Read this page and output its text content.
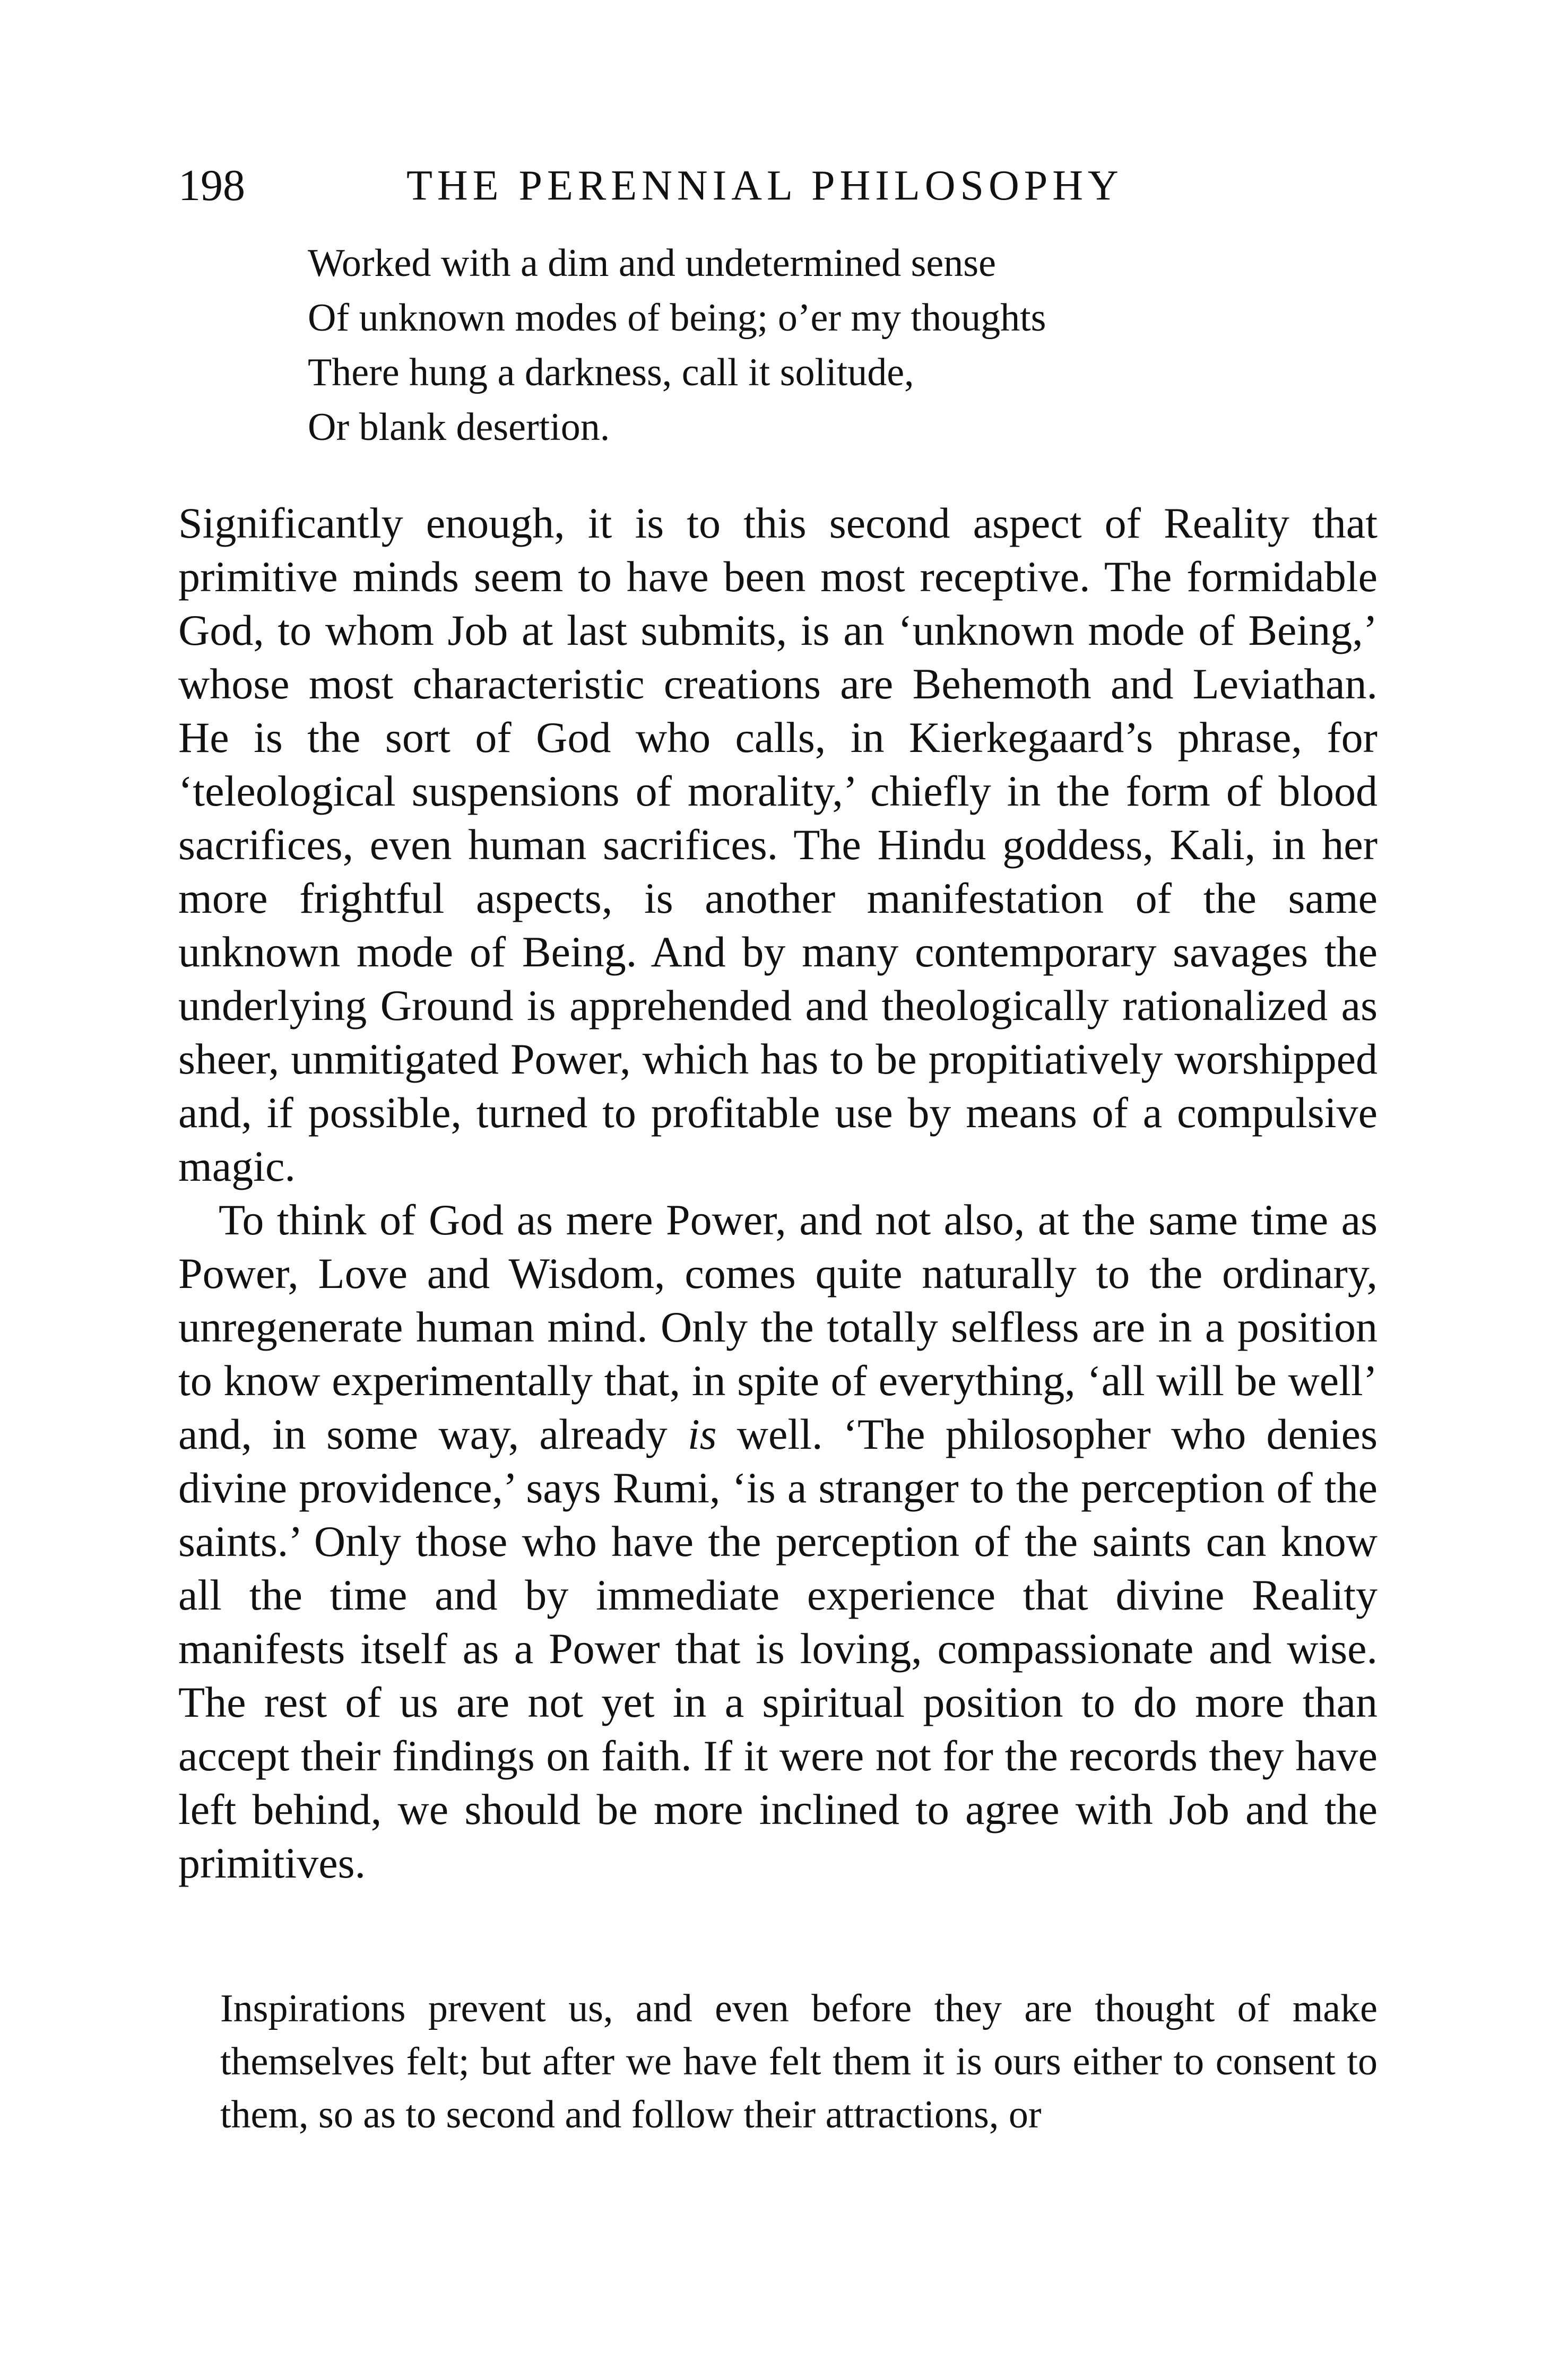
198	THE PERENNIAL PHILOSOPHY
Worked with a dim and undetermined sense
Of unknown modes of being; o’er my thoughts
There hung a darkness, call it solitude,
Or blank desertion.

Significantly enough, it is to this second aspect of Reality that primitive minds seem to have been most receptive. The formidable God, to whom Job at last submits, is an ‘unknown mode of Being,’ whose most characteristic creations are Behemoth and Leviathan. He is the sort of God who calls, in Kierkegaard’s phrase, for ‘teleological suspensions of morality,’ chiefly in the form of blood sacrifices, even human sacrifices. The Hindu goddess, Kali, in her more frightful aspects, is another manifestation of the same unknown mode of Being. And by many contemporary savages the underlying Ground is apprehended and theologically rationalized as sheer, unmitigated Power, which has to be propitiatively worshipped and, if possible, turned to profitable use by means of a compulsive magic.

To think of God as mere Power, and not also, at the same time as Power, Love and Wisdom, comes quite naturally to the ordinary, unregenerate human mind. Only the totally selfless are in a position to know experimentally that, in spite of everything, ‘all will be well’ and, in some way, already is well. ‘The philosopher who denies divine providence,’ says Rumi, ‘is a stranger to the perception of the saints.’ Only those who have the perception of the saints can know all the time and by immediate experience that divine Reality manifests itself as a Power that is loving, compassionate and wise. The rest of us are not yet in a spiritual position to do more than accept their findings on faith. If it were not for the records they have left behind, we should be more inclined to agree with Job and the primitives.

Inspirations prevent us, and even before they are thought of make themselves felt; but after we have felt them it is ours either to consent to them, so as to second and follow their attractions, or
